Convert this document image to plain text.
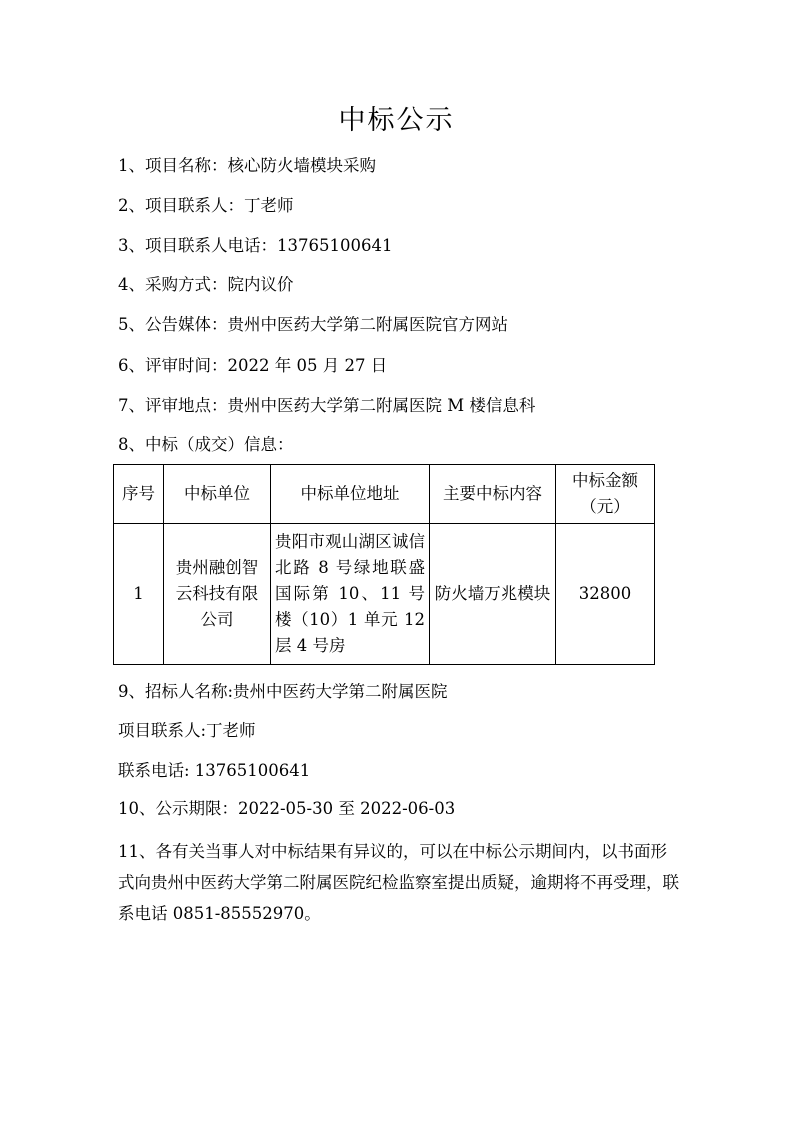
中标公示
1、项目名称：核心防火墙模块采购
2、项目联系人：丁老师
3、项目联系人电话：13765100641
4、采购方式：院内议价
5、公告媒体：贵州中医药大学第二附属医院官方网站
6、评审时间：2022 年 05 月 27 日
7、评审地点：贵州中医药大学第二附属医院 M 楼信息科
8、中标（成交）信息：
序号	中标单位	中标单位地址	主要中标内容	中标金额（元）
1	贵州融创智云科技有限公司	贵阳市观山湖区诚信北路 8 号绿地联盛国际第 10、11 号楼（10）1 单元 12 层 4 号房	防火墙万兆模块	32800
9、招标人名称:贵州中医药大学第二附属医院
项目联系人:丁老师
联系电话: 13765100641
10、公示期限：2022-05-30 至 2022-06-03
11、各有关当事人对中标结果有异议的，可以在中标公示期间内，以书面形式向贵州中医药大学第二附属医院纪检监察室提出质疑，逾期将不再受理，联系电话 0851-85552970。
